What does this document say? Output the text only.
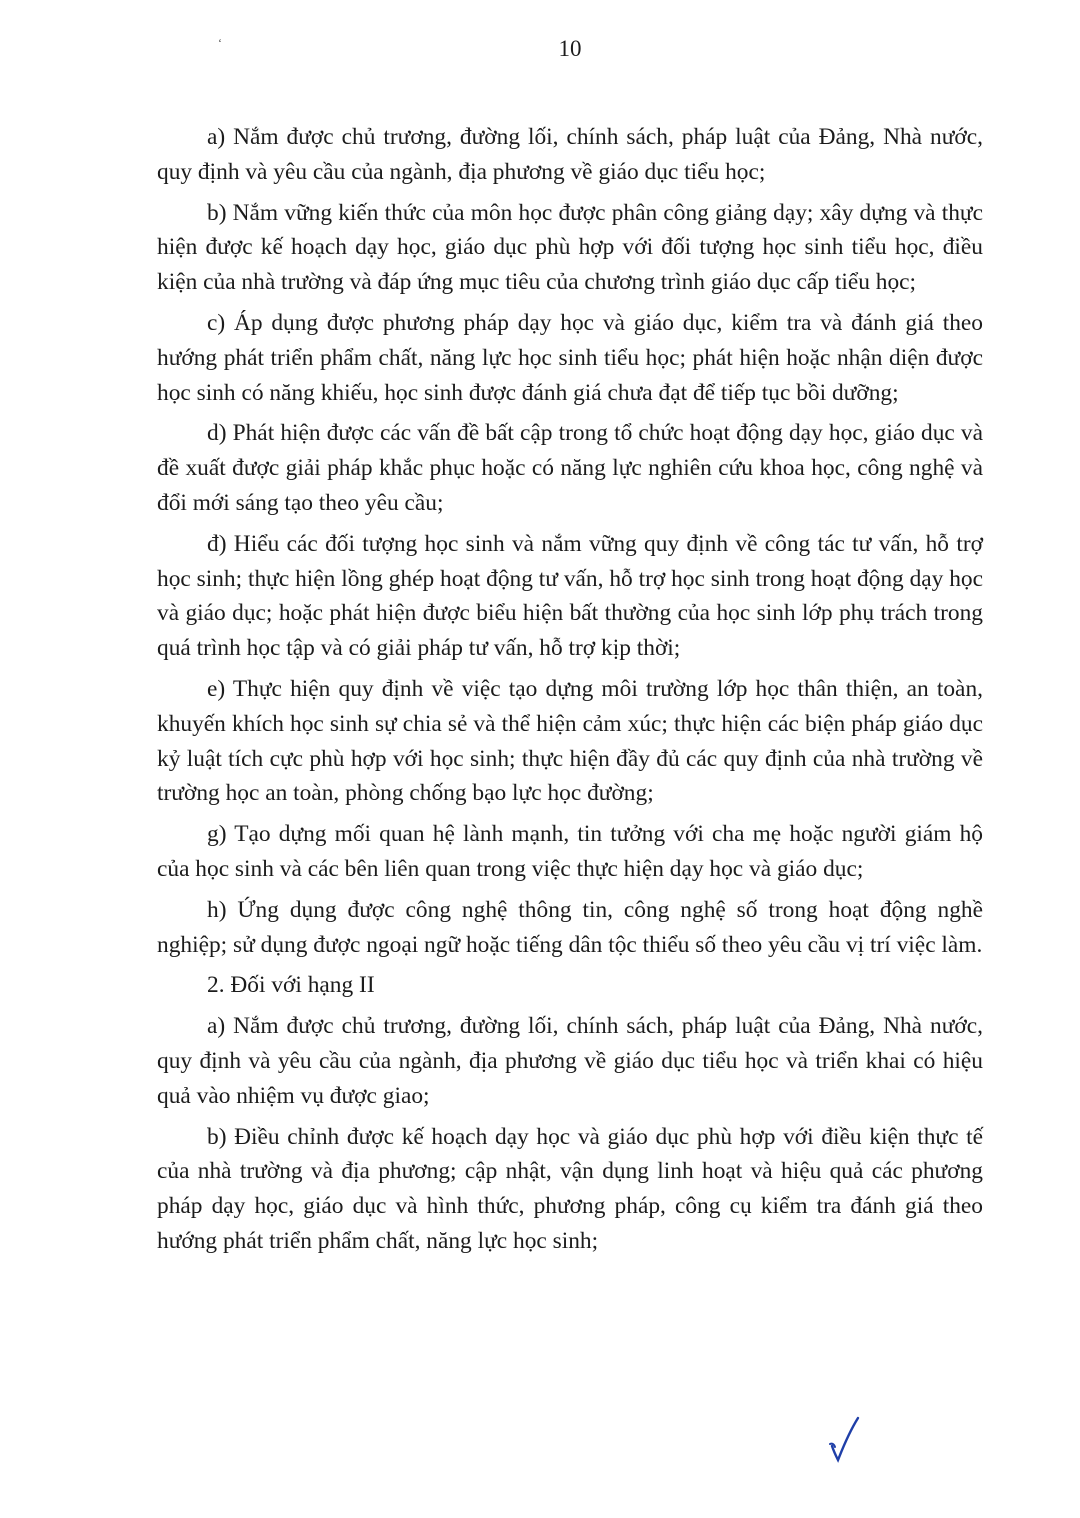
ʻ	10

a) Nắm được chủ trương, đường lối, chính sách, pháp luật của Đảng, Nhà nước, quy định và yêu cầu của ngành, địa phương về giáo dục tiểu học;

b) Nắm vững kiến thức của môn học được phân công giảng dạy; xây dựng và thực hiện được kế hoạch dạy học, giáo dục phù hợp với đối tượng học sinh tiểu học, điều kiện của nhà trường và đáp ứng mục tiêu của chương trình giáo dục cấp tiểu học;

c) Áp dụng được phương pháp dạy học và giáo dục, kiểm tra và đánh giá theo hướng phát triển phẩm chất, năng lực học sinh tiểu học; phát hiện hoặc nhận diện được học sinh có năng khiếu, học sinh được đánh giá chưa đạt để tiếp tục bồi dưỡng;

d) Phát hiện được các vấn đề bất cập trong tổ chức hoạt động dạy học, giáo dục và đề xuất được giải pháp khắc phục hoặc có năng lực nghiên cứu khoa học, công nghệ và đổi mới sáng tạo theo yêu cầu;

đ) Hiểu các đối tượng học sinh và nắm vững quy định về công tác tư vấn, hỗ trợ học sinh; thực hiện lồng ghép hoạt động tư vấn, hỗ trợ học sinh trong hoạt động dạy học và giáo dục; hoặc phát hiện được biểu hiện bất thường của học sinh lớp phụ trách trong quá trình học tập và có giải pháp tư vấn, hỗ trợ kịp thời;

e) Thực hiện quy định về việc tạo dựng môi trường lớp học thân thiện, an toàn, khuyến khích học sinh sự chia sẻ và thể hiện cảm xúc; thực hiện các biện pháp giáo dục kỷ luật tích cực phù hợp với học sinh; thực hiện đầy đủ các quy định của nhà trường về trường học an toàn, phòng chống bạo lực học đường;

g) Tạo dựng mối quan hệ lành mạnh, tin tưởng với cha mẹ hoặc người giám hộ của học sinh và các bên liên quan trong việc thực hiện dạy học và giáo dục;

h) Ứng dụng được công nghệ thông tin, công nghệ số trong hoạt động nghề nghiệp; sử dụng được ngoại ngữ hoặc tiếng dân tộc thiểu số theo yêu cầu vị trí việc làm.

2. Đối với hạng II

a) Nắm được chủ trương, đường lối, chính sách, pháp luật của Đảng, Nhà nước, quy định và yêu cầu của ngành, địa phương về giáo dục tiểu học và triển khai có hiệu quả vào nhiệm vụ được giao;

b) Điều chỉnh được kế hoạch dạy học và giáo dục phù hợp với điều kiện thực tế của nhà trường và địa phương; cập nhật, vận dụng linh hoạt và hiệu quả các phương pháp dạy học, giáo dục và hình thức, phương pháp, công cụ kiểm tra đánh giá theo hướng phát triển phẩm chất, năng lực học sinh;
